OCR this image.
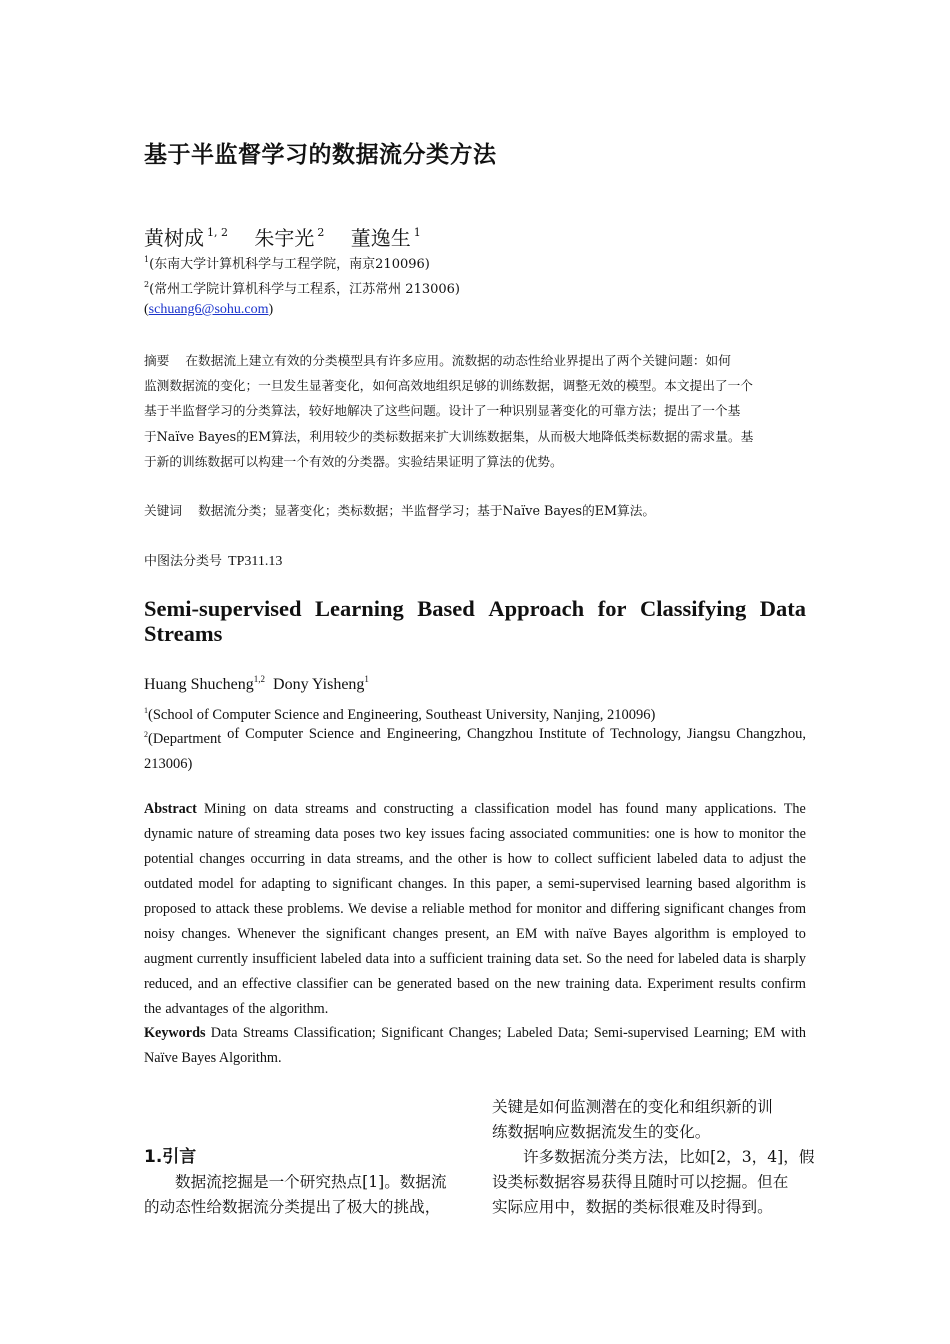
基于半监督学习的数据流分类方法
黄树成 $^{1, 2}$ 朱宇光 $^2$ 董逸生 $^1$
$^1$(东南大学计算机科学与工程学院，南京210096)
$^2$(常州工学院计算机科学与工程系，江苏常州 213006)
(schuang6@sohu.com)
摘要 在数据流上建立有效的分类模型具有许多应用。流数据的动态性给业界提出了两个关键问题：如何
监测数据流的变化；一旦发生显著变化，如何高效地组织足够的训练数据，调整无效的模型。本文提出了一个
基于半监督学习的分类算法，较好地解决了这些问题。设计了一种识别显著变化的可靠方法；提出了一个基
于Naïve Bayes的EM算法，利用较少的类标数据来扩大训练数据集，从而极大地降低类标数据的需求量。基
于新的训练数据可以构建一个有效的分类器。实验结果证明了算法的优势。
关键词 数据流分类；显著变化；类标数据；半监督学习；基于Naïve Bayes的EM算法。
中图法分类号 TP311.13
Semi-supervised Learning Based Approach for Classifying Data
Streams
Huang Shucheng$^{1,2}$ Dony Yisheng$^1$
$^1$(School of Computer Science and Engineering, Southeast University, Nanjing, 210096)
$^2$(Department of Computer Science and Engineering, Changzhou Institute of Technology, Jiangsu Changzhou,
213006)
Abstract Mining on data streams and constructing a classification model has found many applications. The
dynamic nature of streaming data poses two key issues facing associated communities: one is how to monitor the
potential changes occurring in data streams, and the other is how to collect sufficient labeled data to adjust the
outdated model for adapting to significant changes. In this paper, a semi-supervised learning based algorithm is
proposed to attack these problems. We devise a reliable method for monitor and differing significant changes from
noisy changes. Whenever the significant changes present, an EM with naïve Bayes algorithm is employed to
augment currently insufficient labeled data into a sufficient training data set. So the need for labeled data is sharply
reduced, and an effective classifier can be generated based on the new training data. Experiment results confirm
the advantages of the algorithm.
Keywords Data Streams Classification; Significant Changes; Labeled Data; Semi-supervised Learning; EM with
Naïve Bayes Algorithm.
1.引言
数据流挖掘是一个研究热点[1]。数据流
的动态性给数据流分类提出了极大的挑战，
关键是如何监测潜在的变化和组织新的训
练数据响应数据流发生的变化。
许多数据流分类方法，比如[2，3，4]，假
设类标数据容易获得且随时可以挖掘。但在
实际应用中，数据的类标很难及时得到。
